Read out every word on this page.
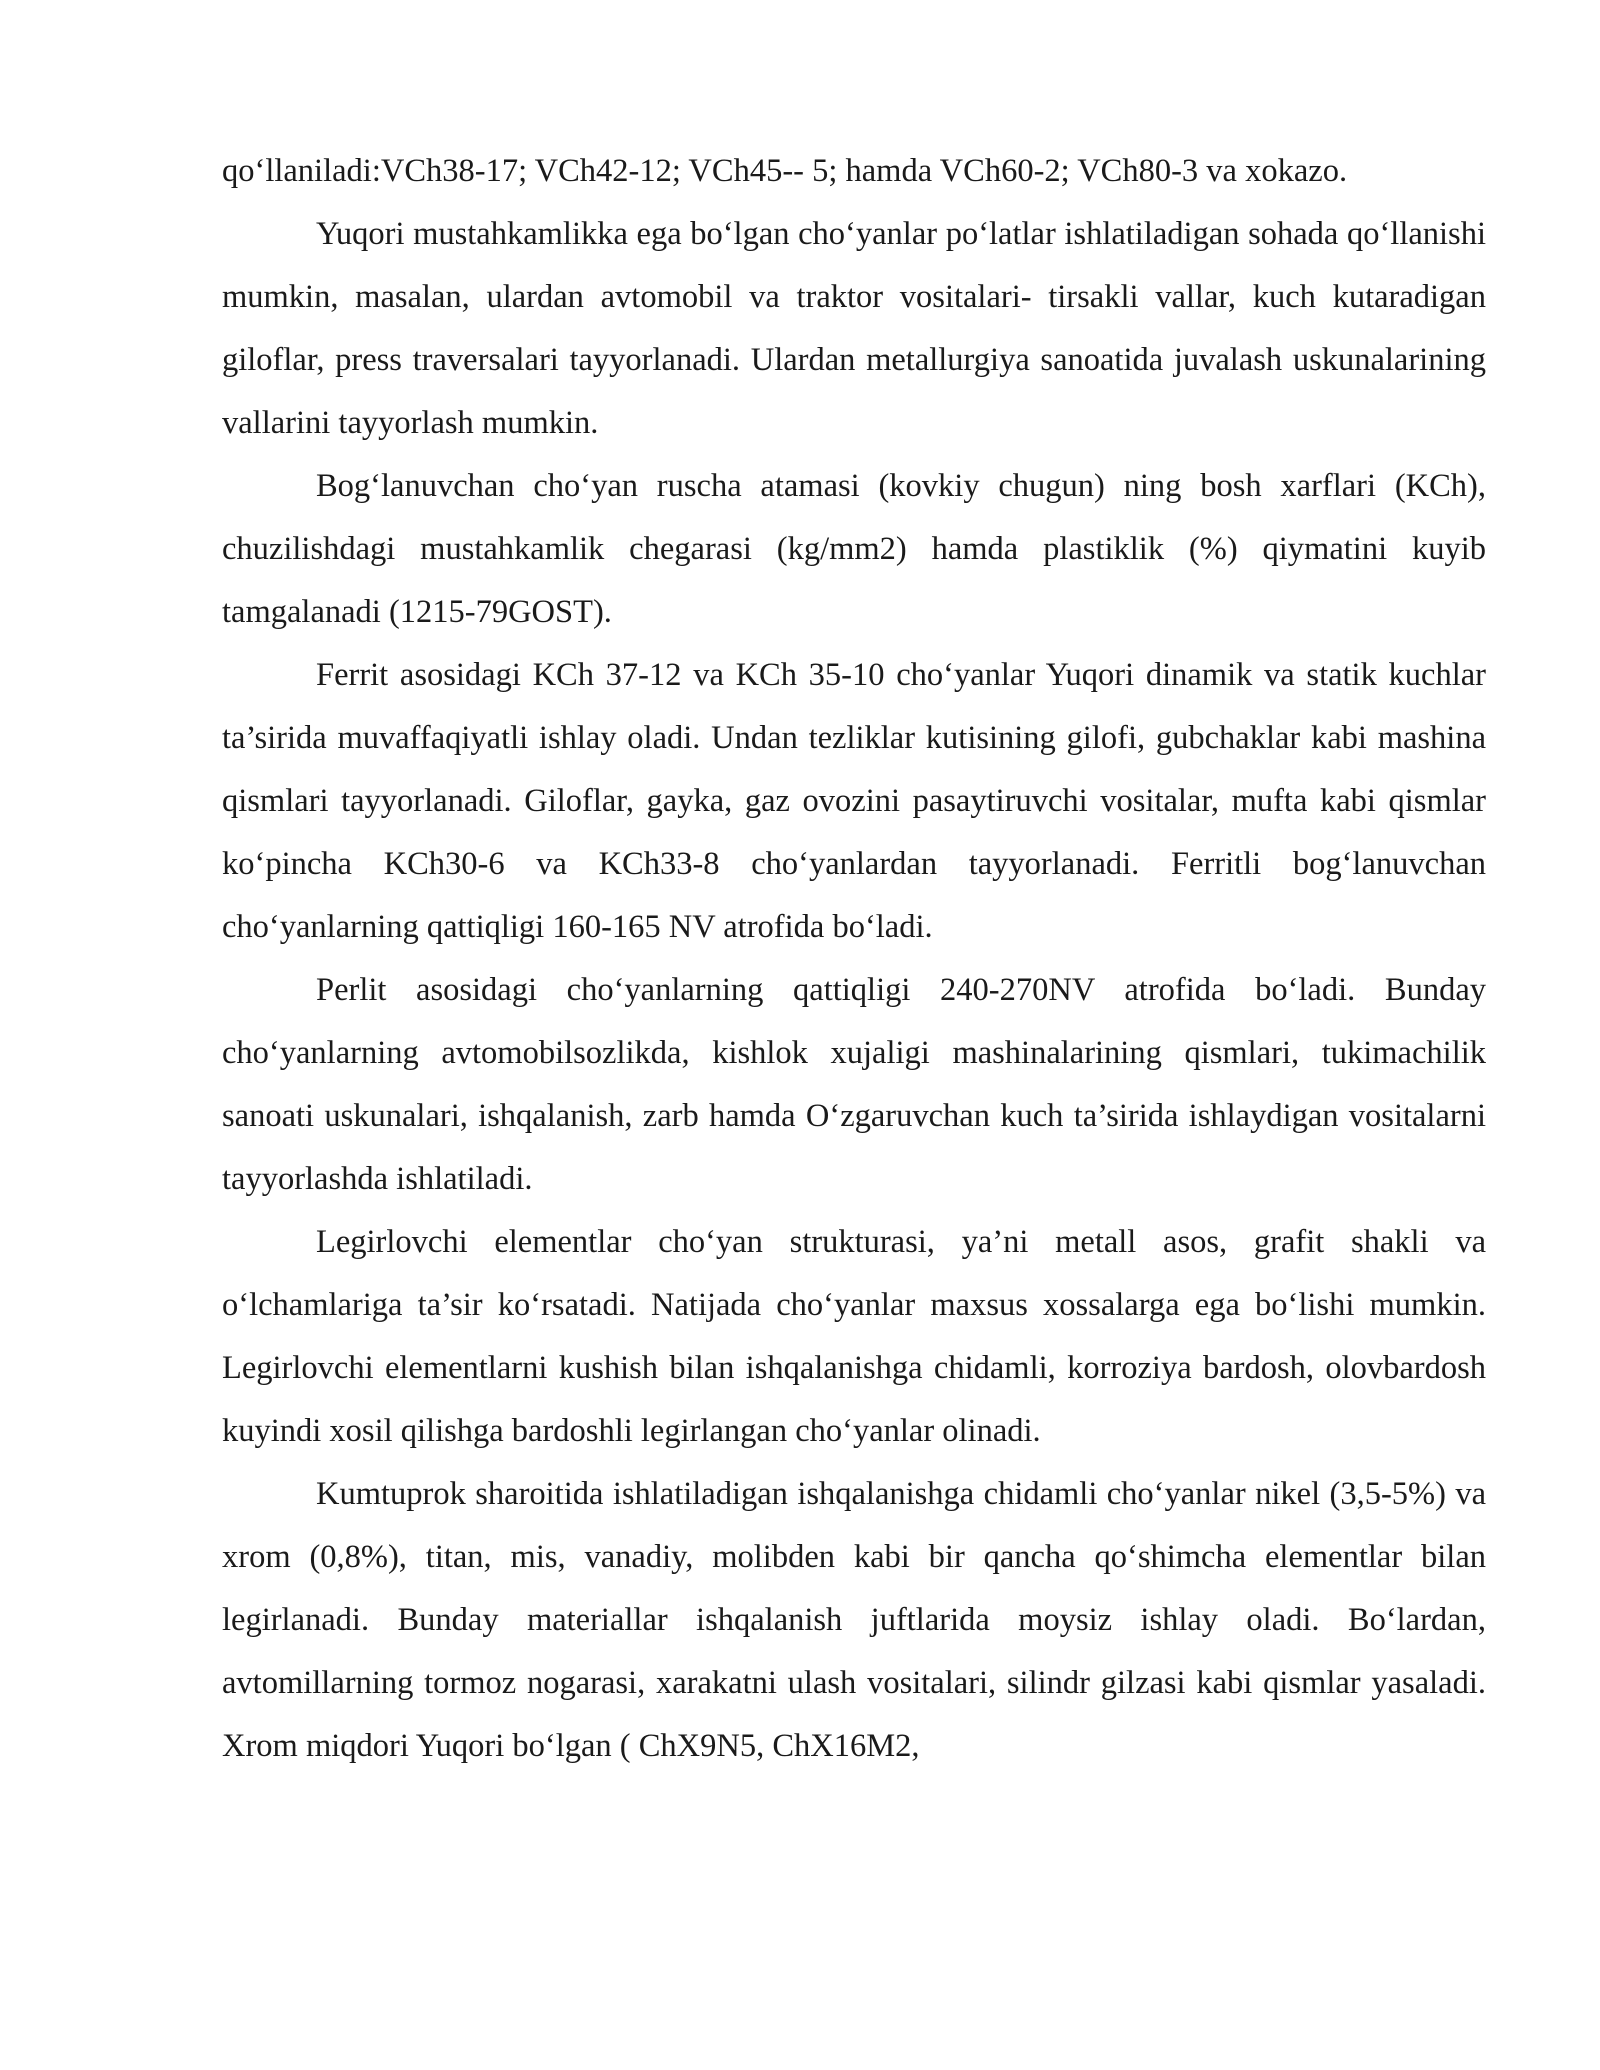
qo‘llaniladi:VCh38-17; VCh42-12; VCh45-- 5; hamda VCh60-2; VCh80-3 va xokazo.

Yuqori mustahkamlikka ega bo‘lgan cho‘yanlar po‘latlar ishlatiladigan sohada qo‘llanishi mumkin, masalan, ulardan avtomobil va traktor vositalari- tirsakli vallar, kuch kutaradigan giloflar, press traversalari tayyorlanadi. Ulardan metallurgiya sanoatida juvalash uskunalarining vallarini tayyorlash mumkin.

Bog‘lanuvchan cho‘yan ruscha atamasi (kovkiy chugun) ning bosh xarflari (KCh), chuzilishdagi mustahkamlik chegarasi (kg/mm2) hamda plastiklik (%) qiymatini kuyib tamgalanadi (1215-79GOST).

Ferrit asosidagi KCh 37-12 va KCh 35-10 cho‘yanlar Yuqori dinamik va statik kuchlar ta’sirida muvaffaqiyatli ishlay oladi. Undan tezliklar kutisining gilofi, gubchaklar kabi mashina qismlari tayyorlanadi. Giloflar, gayka, gaz ovozini pasaytiruvchi vositalar, mufta kabi qismlar ko‘pincha KCh30-6 va KCh33-8 cho‘yanlardan tayyorlanadi. Ferritli bog‘lanuvchan cho‘yanlarning qattiqligi 160-165 NV atrofida bo‘ladi.

Perlit asosidagi cho‘yanlarning qattiqligi 240-270NV atrofida bo‘ladi. Bunday cho‘yanlarning avtomobilsozlikda, kishlok xujaligi mashinalarining qismlari, tukimachilik sanoati uskunalari, ishqalanish, zarb hamda O‘zgaruvchan kuch ta’sirida ishlaydigan vositalarni tayyorlashda ishlatiladi.

Legirlovchi elementlar cho‘yan strukturasi, ya’ni metall asos, grafit shakli va o‘lchamlariga ta’sir ko‘rsatadi. Natijada cho‘yanlar maxsus xossalarga ega bo‘lishi mumkin. Legirlovchi elementlarni kushish bilan ishqalanishga chidamli, korroziya bardosh, olovbardosh kuyindi xosil qilishga bardoshli legirlangan cho‘yanlar olinadi.

Kumtuprok sharoitida ishlatiladigan ishqalanishga chidamli cho‘yanlar nikel (3,5-5%) va xrom (0,8%), titan, mis, vanadiy, molibden kabi bir qancha qo‘shimcha elementlar bilan legirlanadi. Bunday materiallar ishqalanish juftlarida moysiz ishlay oladi. Bo‘lardan, avtomillarning tormoz nogarasi, xarakatni ulash vositalari, silindr gilzasi kabi qismlar yasaladi. Xrom miqdori Yuqori bo‘lgan ( ChX9N5, ChX16M2,
